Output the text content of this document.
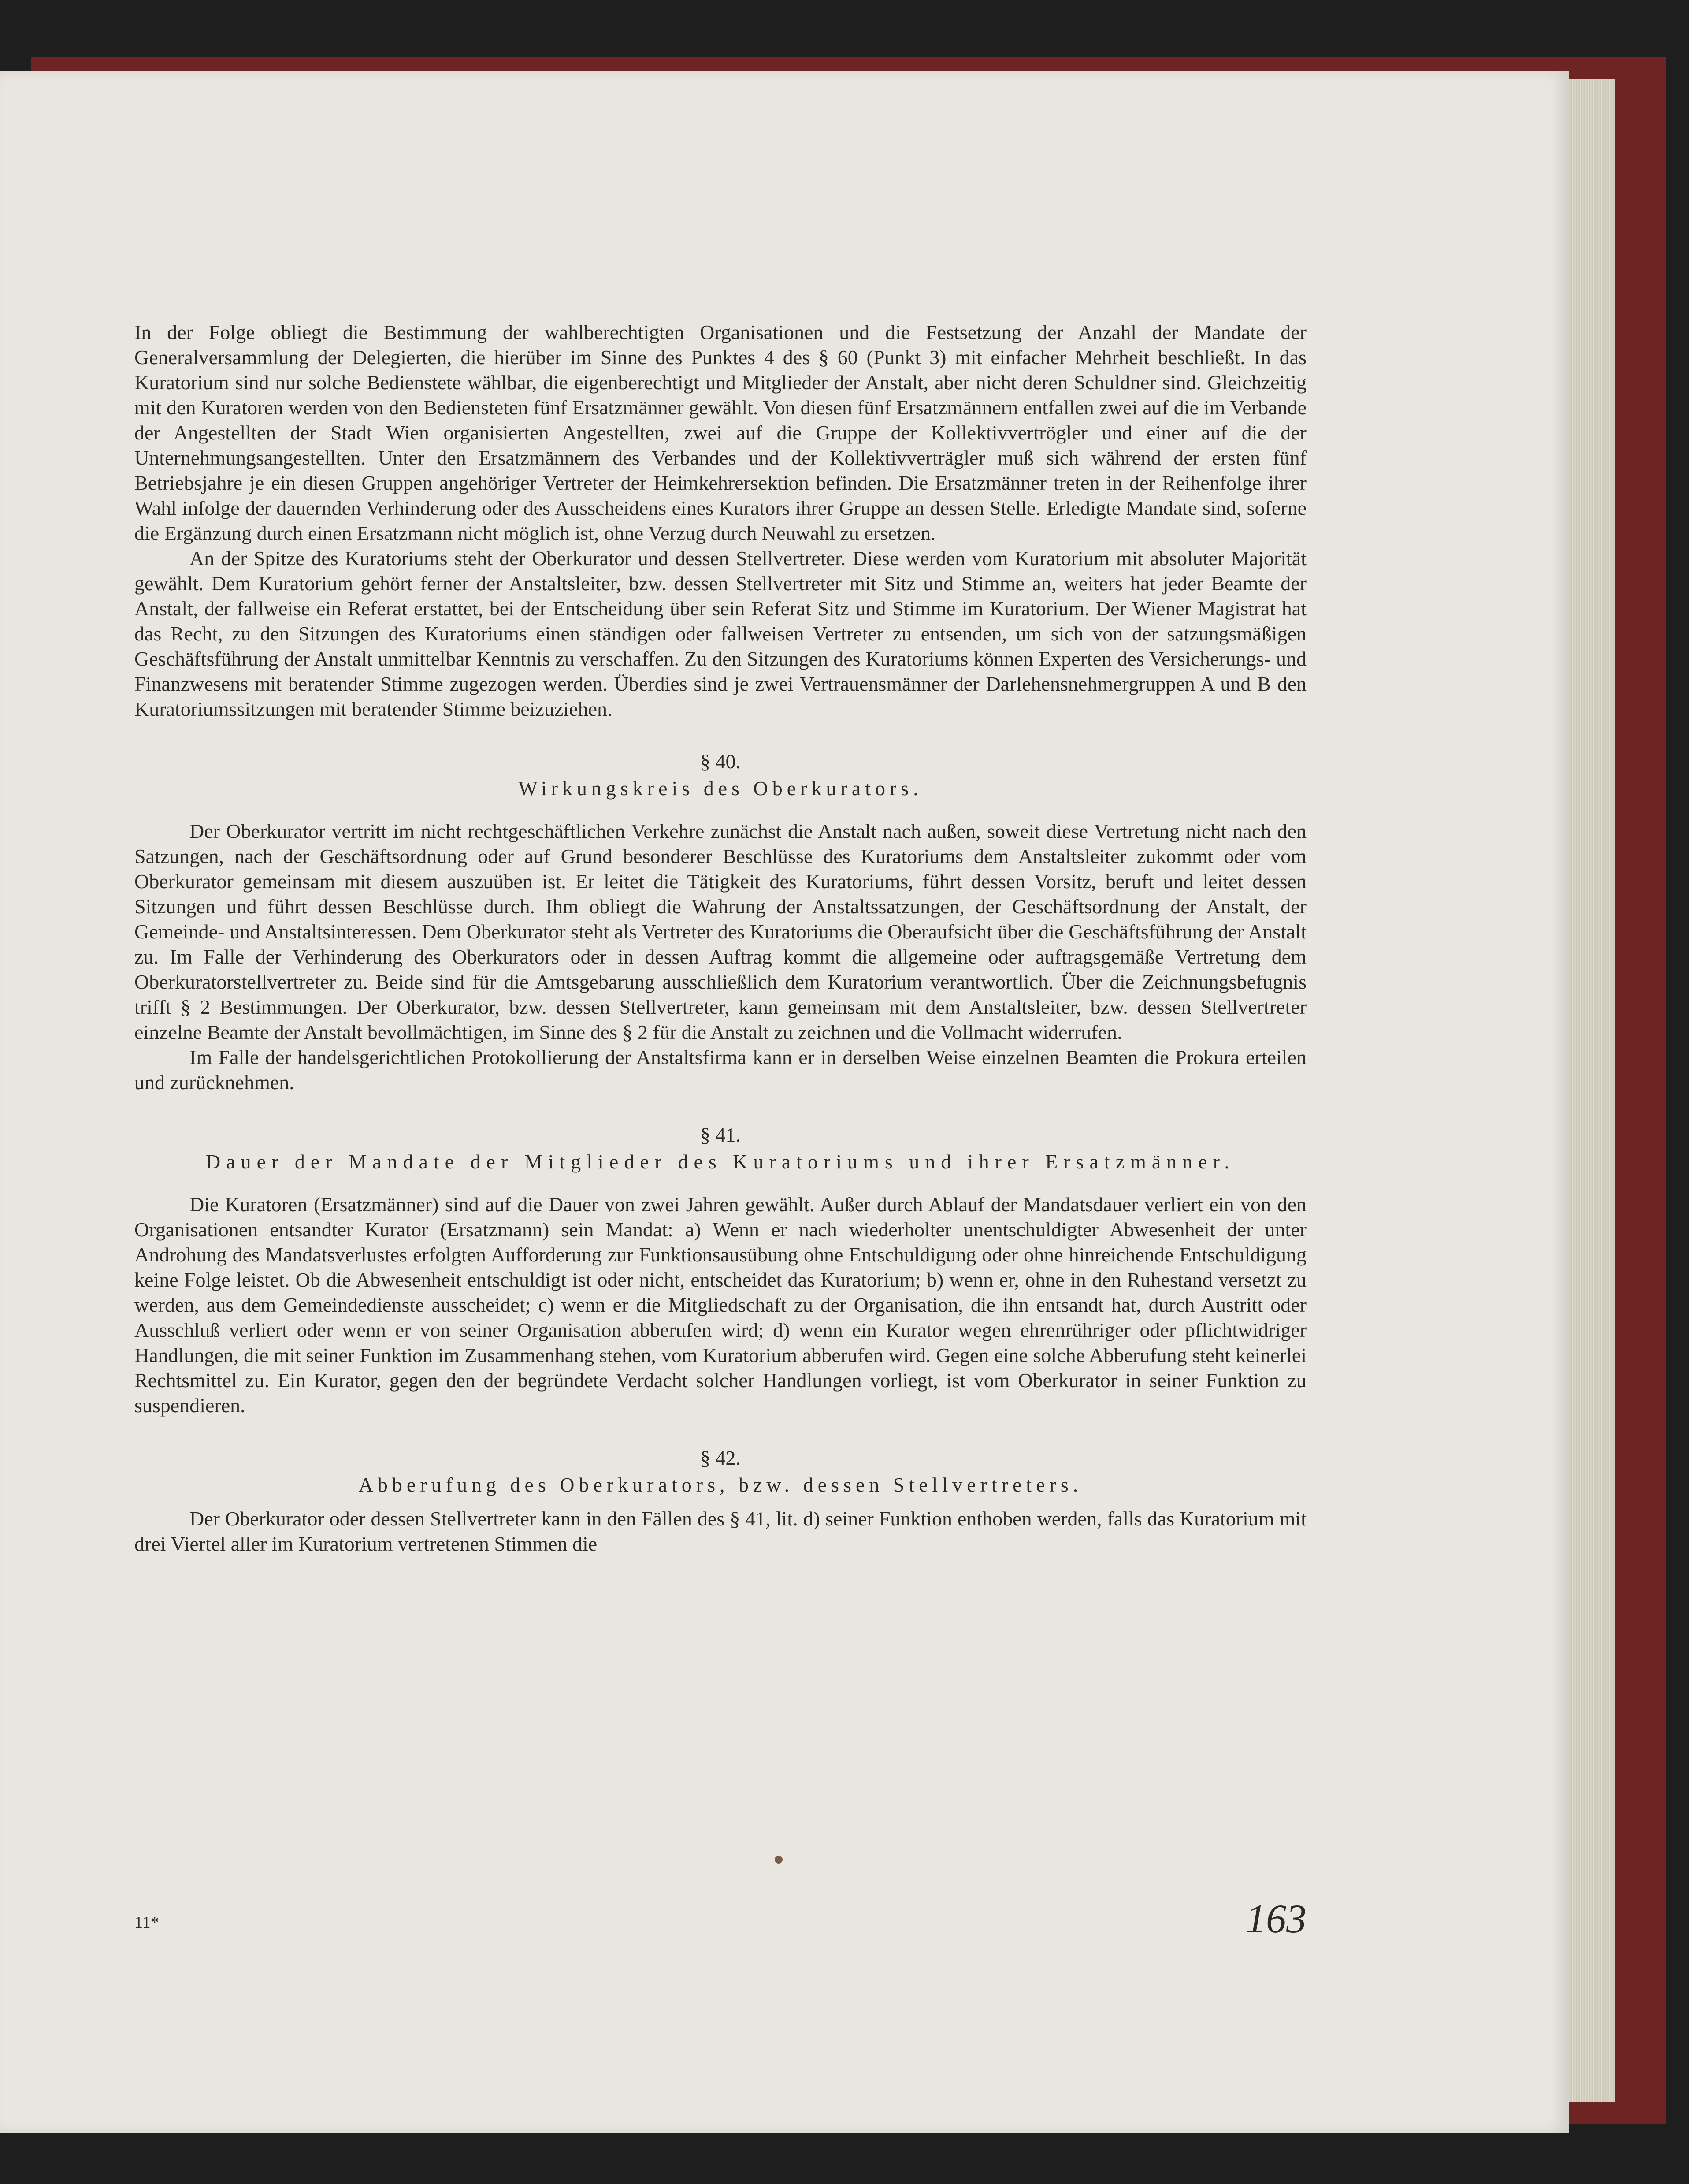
In der Folge obliegt die Bestimmung der wahlberechtigten Organisationen und die Festsetzung der Anzahl der Mandate der Generalversammlung der Delegierten, die hierüber im Sinne des Punktes 4 des § 60 (Punkt 3) mit einfacher Mehrheit beschließt. In das Kuratorium sind nur solche Bedienstete wählbar, die eigenberechtigt und Mitglieder der Anstalt, aber nicht deren Schuldner sind. Gleichzeitig mit den Kuratoren werden von den Bediensteten fünf Ersatzmänner gewählt. Von diesen fünf Ersatzmännern entfallen zwei auf die im Verbande der Angestellten der Stadt Wien organisierten Angestellten, zwei auf die Gruppe der Kollektivvertrögler und einer auf die der Unternehmungsangestellten. Unter den Ersatzmännern des Verbandes und der Kollektivverträgler muß sich während der ersten fünf Betriebsjahre je ein diesen Gruppen angehöriger Vertreter der Heimkehrersektion befinden. Die Ersatzmänner treten in der Reihenfolge ihrer Wahl infolge der dauernden Verhinderung oder des Ausscheidens eines Kurators ihrer Gruppe an dessen Stelle. Erledigte Mandate sind, soferne die Ergänzung durch einen Ersatzmann nicht möglich ist, ohne Verzug durch Neuwahl zu ersetzen.

An der Spitze des Kuratoriums steht der Oberkurator und dessen Stellvertreter. Diese werden vom Kuratorium mit absoluter Majorität gewählt. Dem Kuratorium gehört ferner der Anstaltsleiter, bzw. dessen Stellvertreter mit Sitz und Stimme an, weiters hat jeder Beamte der Anstalt, der fallweise ein Referat erstattet, bei der Entscheidung über sein Referat Sitz und Stimme im Kuratorium. Der Wiener Magistrat hat das Recht, zu den Sitzungen des Kuratoriums einen ständigen oder fallweisen Vertreter zu entsenden, um sich von der satzungsmäßigen Geschäftsführung der Anstalt unmittelbar Kenntnis zu verschaffen. Zu den Sitzungen des Kuratoriums können Experten des Versicherungs- und Finanzwesens mit beratender Stimme zugezogen werden. Überdies sind je zwei Vertrauensmänner der Darlehensnehmergruppen A und B den Kuratoriumssitzungen mit beratender Stimme beizuziehen.

§ 40.
Wirkungskreis des Oberkurators.

Der Oberkurator vertritt im nicht rechtgeschäftlichen Verkehre zunächst die Anstalt nach außen, soweit diese Vertretung nicht nach den Satzungen, nach der Geschäftsordnung oder auf Grund besonderer Beschlüsse des Kuratoriums dem Anstaltsleiter zukommt oder vom Oberkurator gemeinsam mit diesem auszuüben ist. Er leitet die Tätigkeit des Kuratoriums, führt dessen Vorsitz, beruft und leitet dessen Sitzungen und führt dessen Beschlüsse durch. Ihm obliegt die Wahrung der Anstaltssatzungen, der Geschäftsordnung der Anstalt, der Gemeinde- und Anstaltsinteressen. Dem Oberkurator steht als Vertreter des Kuratoriums die Oberaufsicht über die Geschäftsführung der Anstalt zu. Im Falle der Verhinderung des Oberkurators oder in dessen Auftrag kommt die allgemeine oder auftragsgemäße Vertretung dem Oberkuratorstellvertreter zu. Beide sind für die Amtsgebarung ausschließlich dem Kuratorium verantwortlich. Über die Zeichnungsbefugnis trifft § 2 Bestimmungen. Der Oberkurator, bzw. dessen Stellvertreter, kann gemeinsam mit dem Anstaltsleiter, bzw. dessen Stellvertreter einzelne Beamte der Anstalt bevollmächtigen, im Sinne des § 2 für die Anstalt zu zeichnen und die Vollmacht widerrufen.

Im Falle der handelsgerichtlichen Protokollierung der Anstaltsfirma kann er in derselben Weise einzelnen Beamten die Prokura erteilen und zurücknehmen.

§ 41.
Dauer der Mandate der Mitglieder des Kuratoriums und ihrer Ersatzmänner.

Die Kuratoren (Ersatzmänner) sind auf die Dauer von zwei Jahren gewählt. Außer durch Ablauf der Mandatsdauer verliert ein von den Organisationen entsandter Kurator (Ersatzmann) sein Mandat: a) Wenn er nach wiederholter unentschuldigter Abwesenheit der unter Androhung des Mandatsverlustes erfolgten Aufforderung zur Funktionsausübung ohne Entschuldigung oder ohne hinreichende Entschuldigung keine Folge leistet. Ob die Abwesenheit entschuldigt ist oder nicht, entscheidet das Kuratorium; b) wenn er, ohne in den Ruhestand versetzt zu werden, aus dem Gemeindedienste ausscheidet; c) wenn er die Mitgliedschaft zu der Organisation, die ihn entsandt hat, durch Austritt oder Ausschluß verliert oder wenn er von seiner Organisation abberufen wird; d) wenn ein Kurator wegen ehrenrühriger oder pflichtwidriger Handlungen, die mit seiner Funktion im Zusammenhang stehen, vom Kuratorium abberufen wird. Gegen eine solche Abberufung steht keinerlei Rechtsmittel zu. Ein Kurator, gegen den der begründete Verdacht solcher Handlungen vorliegt, ist vom Oberkurator in seiner Funktion zu suspendieren.

§ 42.
Abberufung des Oberkurators, bzw. dessen Stellvertreters.

Der Oberkurator oder dessen Stellvertreter kann in den Fällen des § 41, lit. d) seiner Funktion enthoben werden, falls das Kuratorium mit drei Viertel aller im Kuratorium vertretenen Stimmen die

11*	163
